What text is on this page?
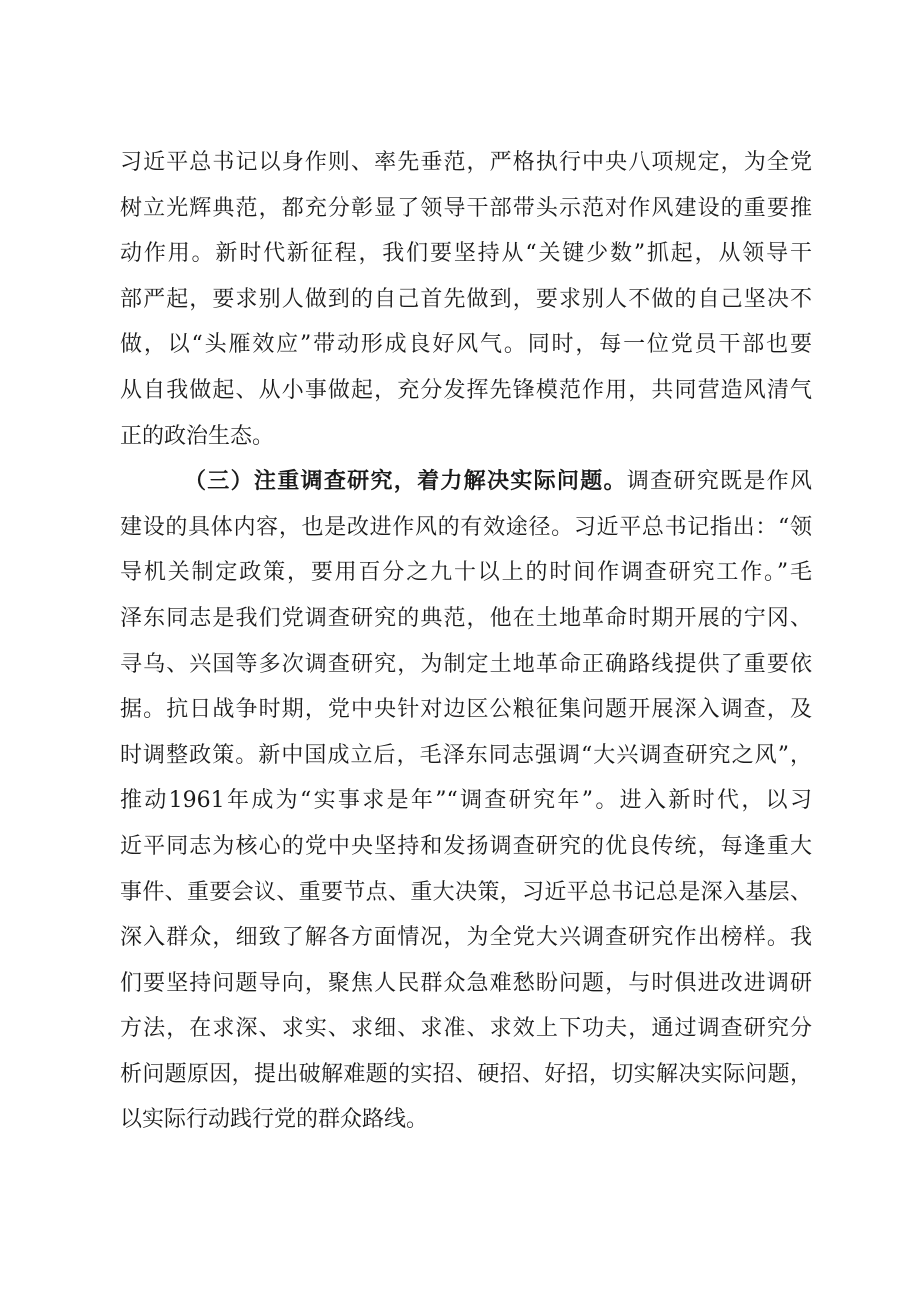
习近平总书记以身作则、率先垂范，严格执行中央八项规定，为全党
树立光辉典范，都充分彰显了领导干部带头示范对作风建设的重要推
动作用。新时代新征程，我们要坚持从“关键少数”抓起，从领导干
部严起，要求别人做到的自己首先做到，要求别人不做的自己坚决不
做，以“头雁效应”带动形成良好风气。同时，每一位党员干部也要
从自我做起、从小事做起，充分发挥先锋模范作用，共同营造风清气
正的政治生态。
（三）注重调查研究，着力解决实际问题。调查研究既是作风
建设的具体内容，也是改进作风的有效途径。习近平总书记指出：“领
导机关制定政策，要用百分之九十以上的时间作调查研究工作。”毛
泽东同志是我们党调查研究的典范，他在土地革命时期开展的宁冈、
寻乌、兴国等多次调查研究，为制定土地革命正确路线提供了重要依
据。抗日战争时期，党中央针对边区公粮征集问题开展深入调查，及
时调整政策。新中国成立后，毛泽东同志强调“大兴调查研究之风”，
推动1961年成为“实事求是年”“调查研究年”。进入新时代，以习
近平同志为核心的党中央坚持和发扬调查研究的优良传统，每逢重大
事件、重要会议、重要节点、重大决策，习近平总书记总是深入基层、
深入群众，细致了解各方面情况，为全党大兴调查研究作出榜样。我
们要坚持问题导向，聚焦人民群众急难愁盼问题，与时俱进改进调研
方法，在求深、求实、求细、求准、求效上下功夫，通过调查研究分
析问题原因，提出破解难题的实招、硬招、好招，切实解决实际问题，
以实际行动践行党的群众路线。
